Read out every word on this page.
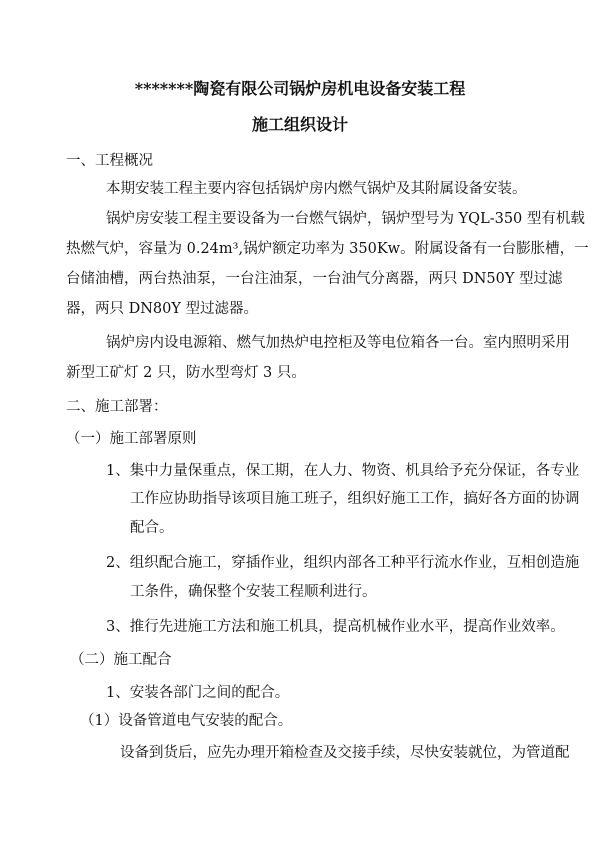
*******陶瓷有限公司锅炉房机电设备安装工程
施工组织设计
一、工程概况
本期安装工程主要内容包括锅炉房内燃气锅炉及其附属设备安装。
锅炉房安装工程主要设备为一台燃气锅炉，锅炉型号为 YQL-350 型有机载
热燃气炉，容量为 0.24m³,锅炉额定功率为 350Kw。附属设备有一台膨胀槽，一
台储油槽，两台热油泵，一台注油泵，一台油气分离器，两只 DN50Y 型过滤
器，两只 DN80Y 型过滤器。
锅炉房内设电源箱、燃气加热炉电控柜及等电位箱各一台。室内照明采用
新型工矿灯 2 只，防水型弯灯 3 只。
二、施工部署：
（一）施工部署原则
1、集中力量保重点，保工期，在人力、物资、机具给予充分保证，各专业
工作应协助指导该项目施工班子，组织好施工工作，搞好各方面的协调
配合。
2、组织配合施工，穿插作业，组织内部各工种平行流水作业，互相创造施
工条件，确保整个安装工程顺利进行。
3、推行先进施工方法和施工机具，提高机械作业水平，提高作业效率。
（二）施工配合
1、安装各部门之间的配合。
（1）设备管道电气安装的配合。
设备到货后，应先办理开箱检查及交接手续，尽快安装就位，为管道配
